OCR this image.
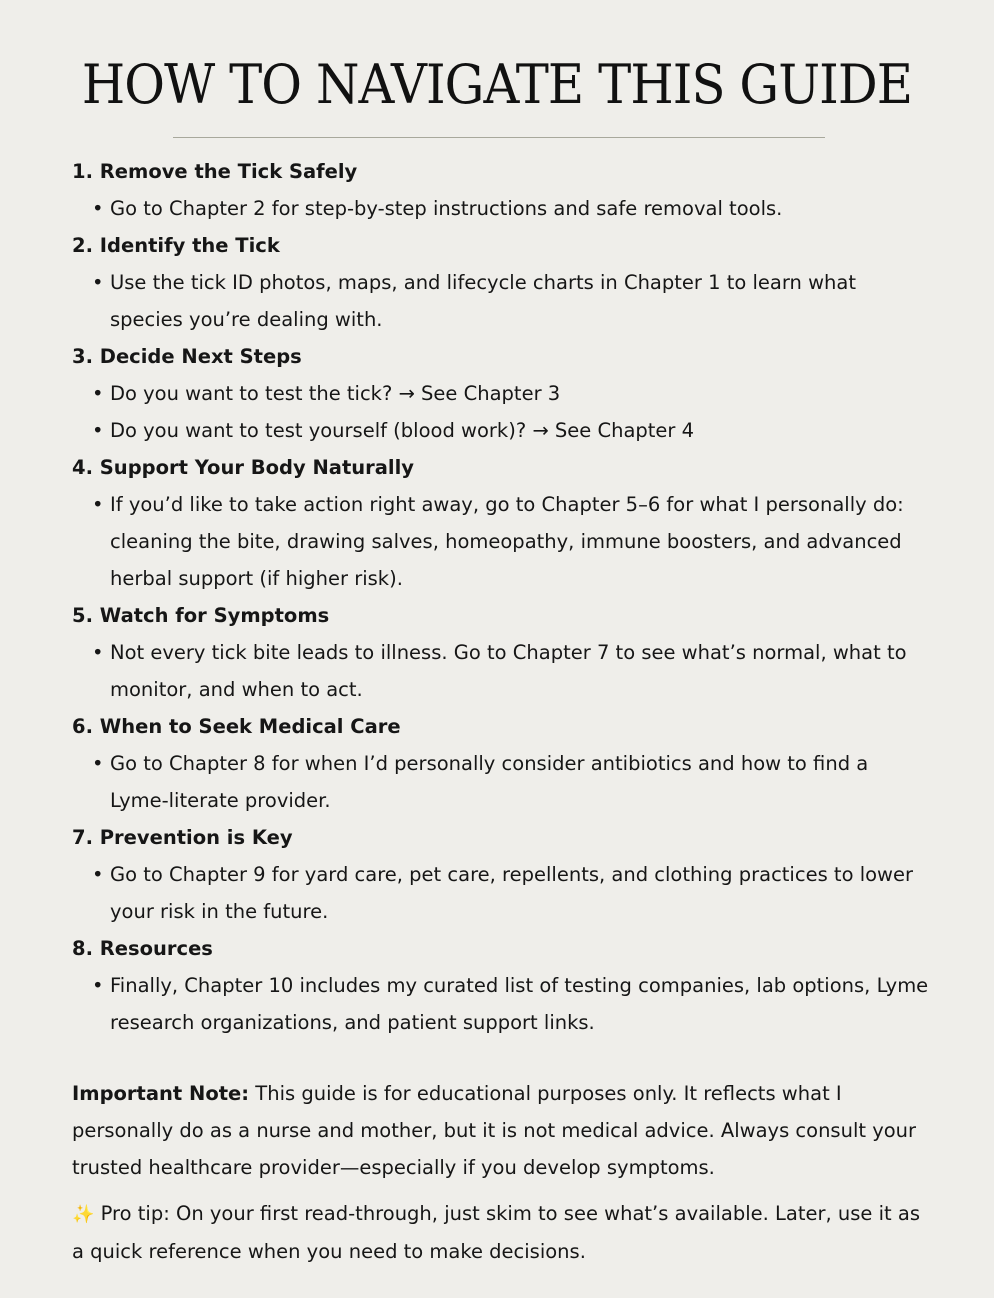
HOW TO NAVIGATE THIS GUIDE

1. Remove the Tick Safely

• Go to Chapter 2 for step-by-step instructions and safe removal tools.

2. Identify the Tick

• Use the tick ID photos, maps, and lifecycle charts in Chapter 1 to learn what species you’re dealing with.

3. Decide Next Steps

• Do you want to test the tick? → See Chapter 3

• Do you want to test yourself (blood work)? → See Chapter 4

4. Support Your Body Naturally

• If you’d like to take action right away, go to Chapter 5–6 for what I personally do: cleaning the bite, drawing salves, homeopathy, immune boosters, and advanced herbal support (if higher risk).

5. Watch for Symptoms

• Not every tick bite leads to illness. Go to Chapter 7 to see what’s normal, what to monitor, and when to act.

6. When to Seek Medical Care

• Go to Chapter 8 for when I’d personally consider antibiotics and how to find a Lyme-literate provider.

7. Prevention is Key

• Go to Chapter 9 for yard care, pet care, repellents, and clothing practices to lower your risk in the future.

8. Resources

• Finally, Chapter 10 includes my curated list of testing companies, lab options, Lyme research organizations, and patient support links.

Important Note: This guide is for educational purposes only. It reflects what I personally do as a nurse and mother, but it is not medical advice. Always consult your trusted healthcare provider—especially if you develop symptoms.

✨ Pro tip: On your first read-through, just skim to see what’s available. Later, use it as a quick reference when you need to make decisions.
